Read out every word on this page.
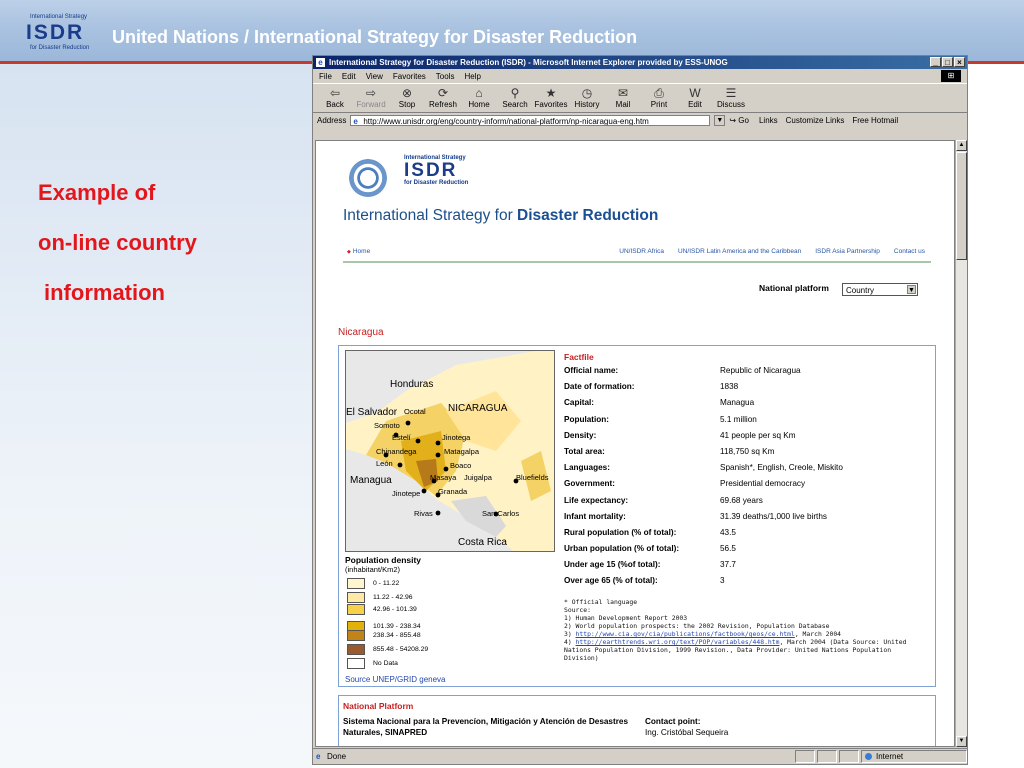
International Strategy
ISDR
for Disaster Reduction
United Nations / International Strategy for Disaster Reduction
Example of
on-line country
information
e International Strategy for Disaster Reduction (ISDR) - Microsoft Internet Explorer provided by ESS-UNOG	_ □ ×
File Edit View Favorites Tools Help	⊞
⇦
Back
⇨
Forward
⊗
Stop
⟳
Refresh
⌂
Home
⚲
Search
★
Favorites
◷
History
✉
Mail
⎙
Print
W
Edit
☰
Discuss
Address e http://www.unisdr.org/eng/country-inform/national-platform/np-nicaragua-eng.htm	▼ ↪ Go Links Customize Links Free Hotmail
International Strategy
ISDR
for Disaster Reduction
International Strategy for Disaster Reduction
◆ Home	UN/ISDR Africa UN/ISDR Latin America and the Caribbean ISDR Asia Partnership Contact us
National platform	Country	▼
Nicaragua
Honduras
NICARAGUA
El Salvador
Managua
Costa Rica
Ocotal
Somoto
Estelí	Jinotega
Chinandega	Matagalpa
León	Boaco
Masaya Juigalpa	Bluefields
Jinotepe Granada
Rivas	San Carlos
Population density
(inhabitant/Km2)
0 - 11.22
11.22 - 42.96
42.96 - 101.39
101.39 - 238.34
238.34 - 855.48
855.48 - 54208.29
No Data
Source UNEP/GRID geneva
Factfile
Official name:	Republic of Nicaragua
Date of formation:	1838
Capital:	Managua
Population:	5.1 million
Density:	41 people per sq Km
Total area:	118,750 sq Km
Languages:	Spanish*, English, Creole, Miskito
Government:	Presidential democracy
Life expectancy:	69.68 years
Infant mortality:	31.39 deaths/1,000 live births
Rural population (% of total):	43.5
Urban population (% of total):	56.5
Under age 15 (%of total):	37.7
Over age 65 (% of total):	3
* Official language
Source:
1) Human Development Report 2003
2) World population prospects: the 2002 Revision, Population Database
3) http://www.cia.gov/cia/publications/factbook/geos/ce.html, March 2004
4) http://earthtrends.wri.org/text/POP/variables/448.htm, March 2004 (Data Source: United Nations Population Division, 1999 Revision., Data Provider: United Nations Population Division)
National Platform
Sistema Nacional para la Prevencíon, Mitigación y Atención de Desastres Naturales, SINAPRED
Contact point:
Ing. Cristóbal Sequeira
▲
▼
e Done	Internet
